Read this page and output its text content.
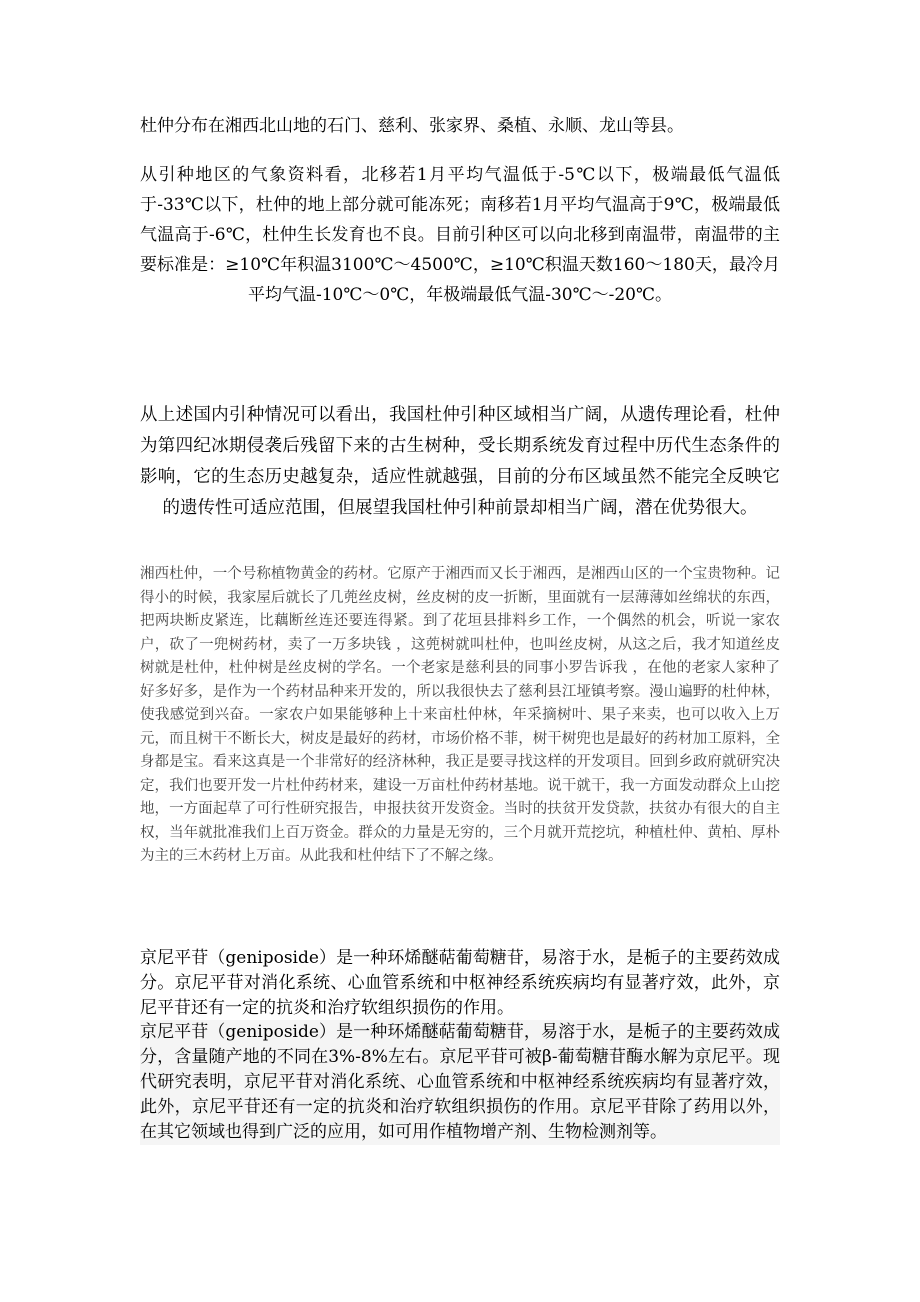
杜仲分布在湘西北山地的石门、慈利、张家界、桑植、永顺、龙山等县。

从引种地区的气象资料看，北移若1月平均气温低于-5℃以下，极端最低气温低于-33℃以下，杜仲的地上部分就可能冻死；南移若1月平均气温高于9℃，极端最低气温高于-6℃，杜仲生长发育也不良。目前引种区可以向北移到南温带，南温带的主要标准是：≥10℃年积温3100℃～4500℃，≥10℃积温天数160～180天，最冷月平均气温-10℃～0℃，年极端最低气温-30℃～-20℃。

从上述国内引种情况可以看出，我国杜仲引种区域相当广阔，从遗传理论看，杜仲为第四纪冰期侵袭后残留下来的古生树种，受长期系统发育过程中历代生态条件的影响，它的生态历史越复杂，适应性就越强，目前的分布区域虽然不能完全反映它的遗传性可适应范围，但展望我国杜仲引种前景却相当广阔，潜在优势很大。

湘西杜仲，一个号称植物黄金的药材。它原产于湘西而又长于湘西，是湘西山区的一个宝贵物种。记得小的时候，我家屋后就长了几蔸丝皮树，丝皮树的皮一折断，里面就有一层薄薄如丝绵状的东西，把两块断皮紧连，比藕断丝连还要连得紧。到了花垣县排料乡工作，一个偶然的机会，听说一家农户，砍了一兜树药材，卖了一万多块钱 ，这蔸树就叫杜仲，也叫丝皮树，从这之后，我才知道丝皮树就是杜仲，杜仲树是丝皮树的学名。一个老家是慈利县的同事小罗告诉我 ，在他的老家人家种了好多好多，是作为一个药材品种来开发的，所以我很快去了慈利县江垭镇考察。漫山遍野的杜仲林，使我感觉到兴奋。一家农户如果能够种上十来亩杜仲林，年采摘树叶、果子来卖，也可以收入上万元，而且树干不断长大，树皮是最好的药材，市场价格不菲，树干树兜也是最好的药材加工原料，全身都是宝。看来这真是一个非常好的经济林种，我正是要寻找这样的开发项目。回到乡政府就研究决定，我们也要开发一片杜仲药材来，建设一万亩杜仲药材基地。说干就干，我一方面发动群众上山挖地，一方面起草了可行性研究报告，申报扶贫开发资金。当时的扶贫开发贷款，扶贫办有很大的自主权，当年就批准我们上百万资金。群众的力量是无穷的，三个月就开荒挖坑，种植杜仲、黄柏、厚朴为主的三木药材上万亩。从此我和杜仲结下了不解之缘。

京尼平苷（geniposide）是一种环烯醚萜葡萄糖苷，易溶于水，是栀子的主要药效成分。京尼平苷对消化系统、心血管系统和中枢神经系统疾病均有显著疗效，此外，京尼平苷还有一定的抗炎和治疗软组织损伤的作用。

京尼平苷（geniposide）是一种环烯醚萜葡萄糖苷，易溶于水，是栀子的主要药效成分，含量随产地的不同在3%-8%左右。京尼平苷可被β-葡萄糖苷酶水解为京尼平。现代研究表明，京尼平苷对消化系统、心血管系统和中枢神经系统疾病均有显著疗效，此外，京尼平苷还有一定的抗炎和治疗软组织损伤的作用。京尼平苷除了药用以外，在其它领域也得到广泛的应用，如可用作植物增产剂、生物检测剂等。
